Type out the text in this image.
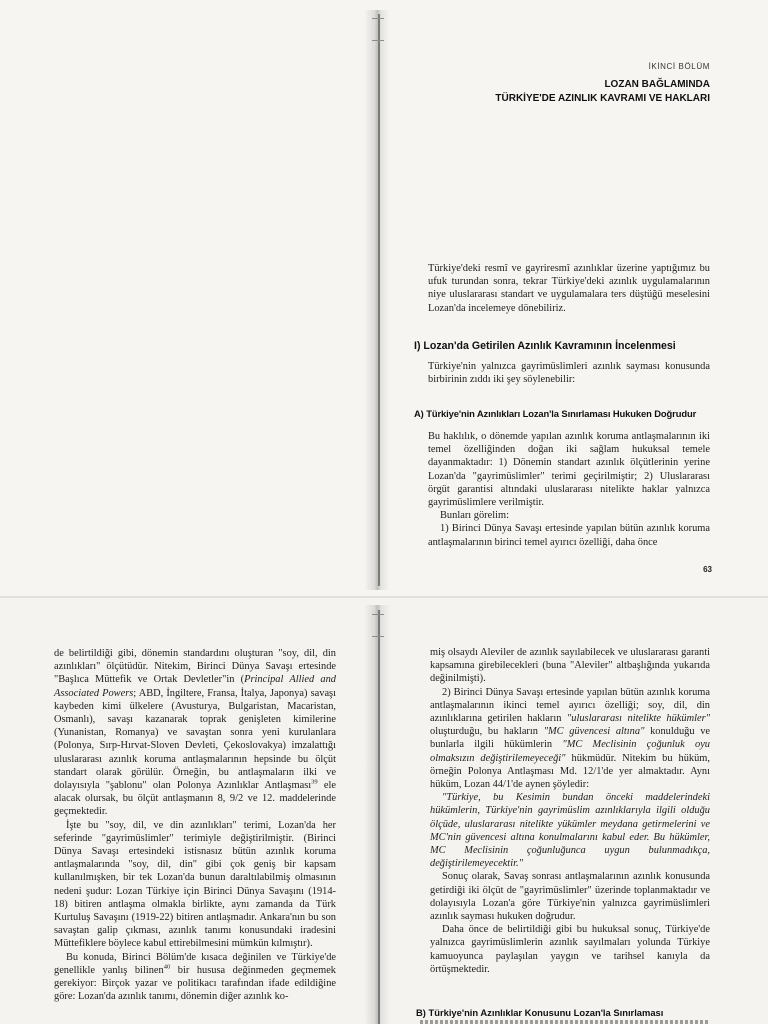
İKİNCİ BÖLÜM
LOZAN BAĞLAMINDA
TÜRKİYE'DE AZINLIK KAVRAMI VE HAKLARI

Türkiye'deki resmî ve gayriresmî azınlıklar üzerine yaptığımız bu ufuk turundan sonra, tekrar Türkiye'deki azınlık uygulamalarının niye uluslararası standart ve uygulamalara ters düştüğü meselesini Lozan'da incelemeye dönebiliriz.

I) Lozan'da Getirilen Azınlık Kavramının İncelenmesi

Türkiye'nin yalnızca gayrimüslimleri azınlık sayması konusunda birbirinin zıddı iki şey söylenebilir:

A) Türkiye'nin Azınlıkları Lozan'la Sınırlaması Hukuken Doğrudur

Bu haklılık, o dönemde yapılan azınlık koruma antlaşmalarının iki temel özelliğinden doğan iki sağlam hukuksal temele dayanmaktadır: 1) Dönemin standart azınlık ölçütlerinin yerine Lozan'da "gayrimüslimler" terimi geçirilmiştir; 2) Uluslararası örgüt garantisi altındaki uluslararası nitelikte haklar yalnızca gayrimüslimlere verilmiştir.

Bunları görelim:

1) Birinci Dünya Savaşı ertesinde yapılan bütün azınlık koruma antlaşmalarının birinci temel ayırıcı özelliği, daha önce

63

de belirtildiği gibi, dönemin standardını oluşturan "soy, dil, din azınlıkları" ölçütüdür. Nitekim, Birinci Dünya Savaşı ertesinde "Başlıca Müttefik ve Ortak Devletler"in (Principal Allied and Associated Powers; ABD, İngiltere, Fransa, İtalya, Japonya) savaşı kaybeden kimi ülkelere (Avusturya, Bulgaristan, Macaristan, Osmanlı), savaşı kazanarak toprak genişleten kimilerine (Yunanistan, Romanya) ve savaştan sonra yeni kurulanlara (Polonya, Sırp-Hırvat-Sloven Devleti, Çekoslovakya) imzalattığı uluslararası azınlık koruma antlaşmalarının hepsinde bu ölçüt standart olarak görülür. Örneğin, bu antlaşmaların ilki ve dolayısıyla "şablonu" olan Polonya Azınlıklar Antlaşması$^{39}$ ele alacak olursak, bu ölçüt antlaşmanın 8, 9/2 ve 12. maddelerinde geçmektedir.

İşte bu "soy, dil, ve din azınlıkları" terimi, Lozan'da her seferinde "gayrimüslimler" terimiyle değiştirilmiştir. (Birinci Dünya Savaşı ertesindeki istisnasız bütün azınlık koruma antlaşmalarında "soy, dil, din" gibi çok geniş bir kapsam kullanılmışken, bir tek Lozan'da bunun daraltılabilmiş olmasının nedeni şudur: Lozan Türkiye için Birinci Dünya Savaşını (1914-18) bitiren antlaşma olmakla birlikte, aynı zamanda da Türk Kurtuluş Savaşını (1919-22) bitiren antlaşmadır. Ankara'nın bu son savaştan galip çıkması, azınlık tanımı konusundaki iradesini Müttefiklere böylece kabul ettirebilmesini mümkün kılmıştır).

Bu konuda, Birinci Bölüm'de kısaca değinilen ve Türkiye'de genellikle yanlış bilinen$^{40}$ bir hususa değinmeden geçmemek gerekiyor: Birçok yazar ve politikacı tarafından ifade edildiğine göre: Lozan'da azınlık tanımı, dönemin diğer azınlık ko-

miş olsaydı Aleviler de azınlık sayılabilecek ve uluslararası garanti kapsamına girebilecekleri (buna "Aleviler" altbaşlığında yukarıda değinilmişti).

2) Birinci Dünya Savaşı ertesinde yapılan bütün azınlık koruma antlaşmalarının ikinci temel ayırıcı özelliği; soy, dil, din azınlıklarına getirilen hakların "uluslararası nitelikte hükümler" oluşturduğu, bu hakların "MC güvencesi altına" konulduğu ve bunlarla ilgili hükümlerin "MC Meclisinin çoğunluk oyu olmaksızın değiştirilemeyeceği" hükmüdür. Nitekim bu hüküm, örneğin Polonya Antlaşması Md. 12/1'de yer almaktadır. Aynı hüküm, Lozan 44/1'de aynen şöyledir:

"Türkiye, bu Kesimin bundan önceki maddelerindeki hükümlerin, Türkiye'nin gayrimüslim azınlıklarıyla ilgili olduğu ölçüde, uluslararası nitelikte yükümler meydana getirmelerini ve MC'nin güvencesi altına konulmalarını kabul eder. Bu hükümler, MC Meclisinin çoğunluğunca uygun bulunmadıkça, değiştirilemeyecektir."

Sonuç olarak, Savaş sonrası antlaşmalarının azınlık konusunda getirdiği iki ölçüt de "gayrimüslimler" üzerinde toplanmaktadır ve dolayısıyla Lozan'a göre Türkiye'nin yalnızca gayrimüslimleri azınlık sayması hukuken doğrudur.

Daha önce de belirtildiği gibi bu hukuksal sonuç, Türkiye'de yalnızca gayrimüslimlerin azınlık sayılmaları yolunda Türkiye kamuoyunca paylaşılan yaygın ve tarihsel kanıyla da örtüşmektedir.

B) Türkiye'nin Azınlıklar Konusunu Lozan'la Sınırlaması
